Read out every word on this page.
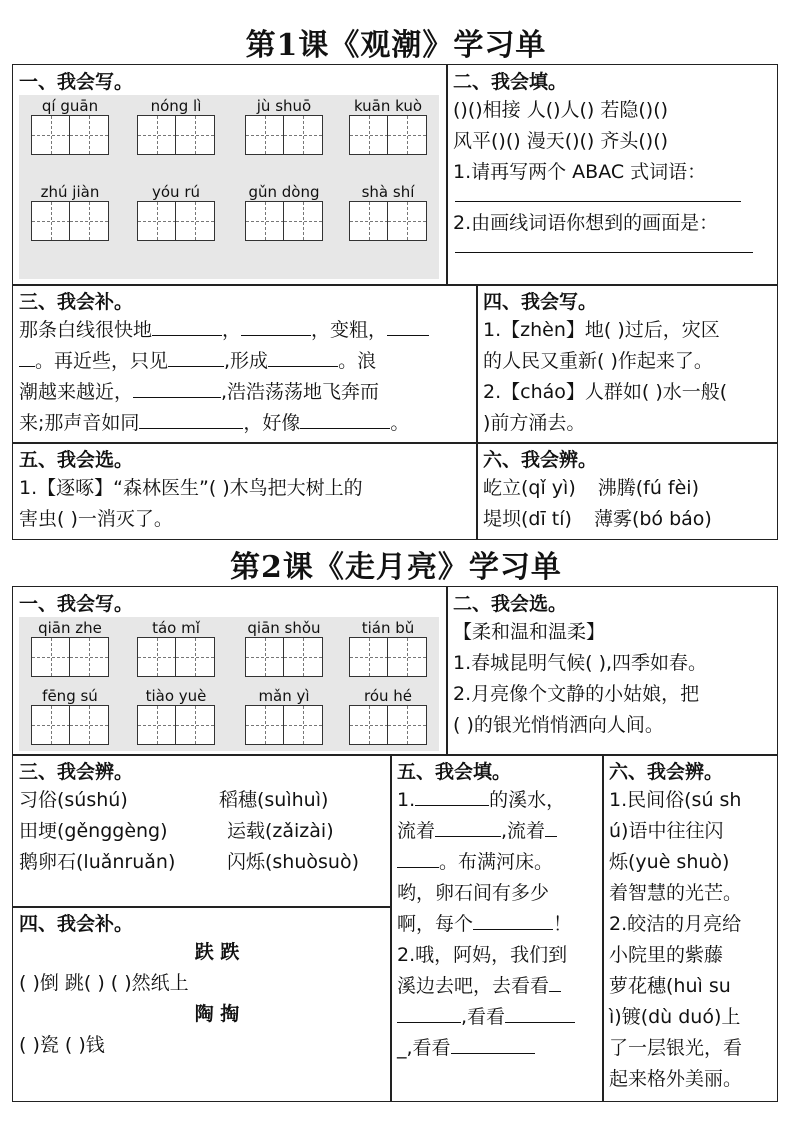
第1课《观潮》学习单
一、我会写。
qí guān	nóng lì	jù shuō	kuān kuò
zhú jiàn	yóu rú	gǔn dòng	shà shí
二、我会填。
()()相接 人()人() 若隐()()
风平()() 漫天()() 齐头()()
1.请再写两个 ABAC 式词语：
2.由画线词语你想到的画面是：
三、我会补。
那条白线很快地	，	，变粗，
。再近些，只见	,形成	。浪
潮越来越近，	,浩浩荡荡地飞奔而
来;那声音如同	，好像	。
四、我会写。
1.【zhèn】地( )过后，灾区
的人民又重新( )作起来了。
2.【cháo】人群如( )水一般(
)前方涌去。
五、我会选。
1.【逐啄】“森林医生”( )木鸟把大树上的
害虫( )一消灭了。
六、我会辨。
屹立(qǐ yì) 沸腾(fú fèi)
堤坝(dī tí) 薄雾(bó báo)
第2课《走月亮》学习单
一、我会写。
qiān zhe	táo mǐ	qiān shǒu	tián bǔ
fēng sú	tiào yuè	mǎn yì	róu hé
二、我会选。
【柔和温和温柔】
1.春城昆明气候( ),四季如春。
2.月亮像个文静的小姑娘，把
( )的银光悄悄洒向人间。
三、我会辨。
习俗(súshú)	稻穗(suìhuì)
田埂(gěnggèng)	运载(zǎizài)
鹅卵石(luǎnruǎn)	闪烁(shuòsuò)
四、我会补。
趺 跌
( )倒 跳( ) ( )然纸上
陶 掏
( )瓷 ( )钱
五、我会填。
1.	的溪水，
流着	,流着
。布满河床。
哟，卵石间有多少
啊，每个	！
2.哦，阿妈，我们到
溪边去吧，去看看
,看看
_,看看
六、我会辨。
1.民间俗(sú sh
ú)语中往往闪
烁(yuè shuò)
着智慧的光芒。
2.皎洁的月亮给
小院里的紫藤
萝花穗(huì su
ì)镀(dù duó)上
了一层银光，看
起来格外美丽。
